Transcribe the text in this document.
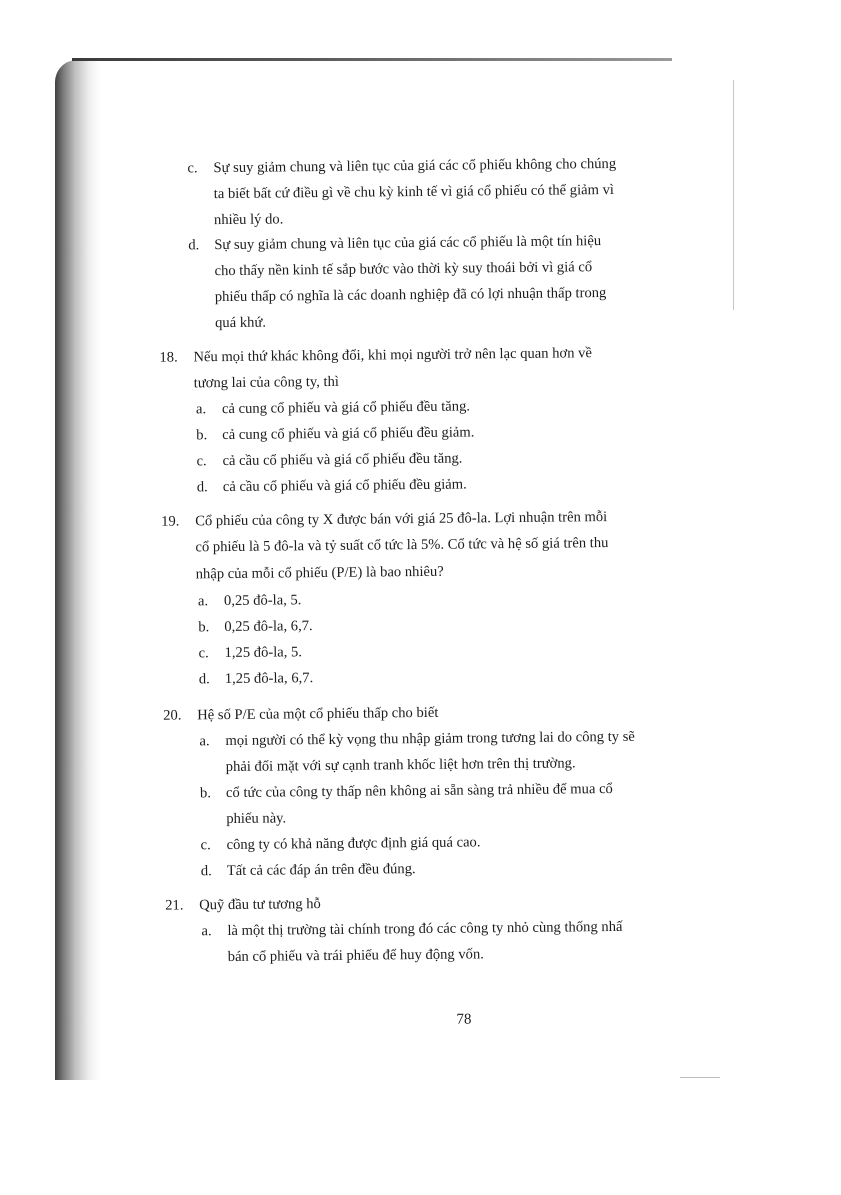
c. Sự suy giảm chung và liên tục của giá các cổ phiếu không cho chúng
ta biết bất cứ điều gì về chu kỳ kinh tế vì giá cổ phiếu có thể giảm vì
nhiều lý do.
d. Sự suy giảm chung và liên tục của giá các cổ phiếu là một tín hiệu
cho thấy nền kinh tế sắp bước vào thời kỳ suy thoái bởi vì giá cổ
phiếu thấp có nghĩa là các doanh nghiệp đã có lợi nhuận thấp trong
quá khứ.
18. Nếu mọi thứ khác không đổi, khi mọi người trở nên lạc quan hơn về
tương lai của công ty, thì
a. cả cung cổ phiếu và giá cổ phiếu đều tăng.
b. cả cung cổ phiếu và giá cổ phiếu đều giảm.
c. cả cầu cổ phiếu và giá cổ phiếu đều tăng.
d. cả cầu cổ phiếu và giá cổ phiếu đều giảm.
19. Cổ phiếu của công ty X được bán với giá 25 đô-la. Lợi nhuận trên mỗi
cổ phiếu là 5 đô-la và tỷ suất cổ tức là 5%. Cổ tức và hệ số giá trên thu
nhập của mỗi cổ phiếu (P/E) là bao nhiêu?
a. 0,25 đô-la, 5.
b. 0,25 đô-la, 6,7.
c. 1,25 đô-la, 5.
d. 1,25 đô-la, 6,7.
20. Hệ số P/E của một cổ phiếu thấp cho biết
a. mọi người có thể kỳ vọng thu nhập giảm trong tương lai do công ty sẽ
phải đối mặt với sự cạnh tranh khốc liệt hơn trên thị trường.
b. cổ tức của công ty thấp nên không ai sẵn sàng trả nhiều để mua cổ
phiếu này.
c. công ty có khả năng được định giá quá cao.
d. Tất cả các đáp án trên đều đúng.
21. Quỹ đầu tư tương hỗ
a. là một thị trường tài chính trong đó các công ty nhỏ cùng thống nhấ
bán cổ phiếu và trái phiếu để huy động vốn.
78
